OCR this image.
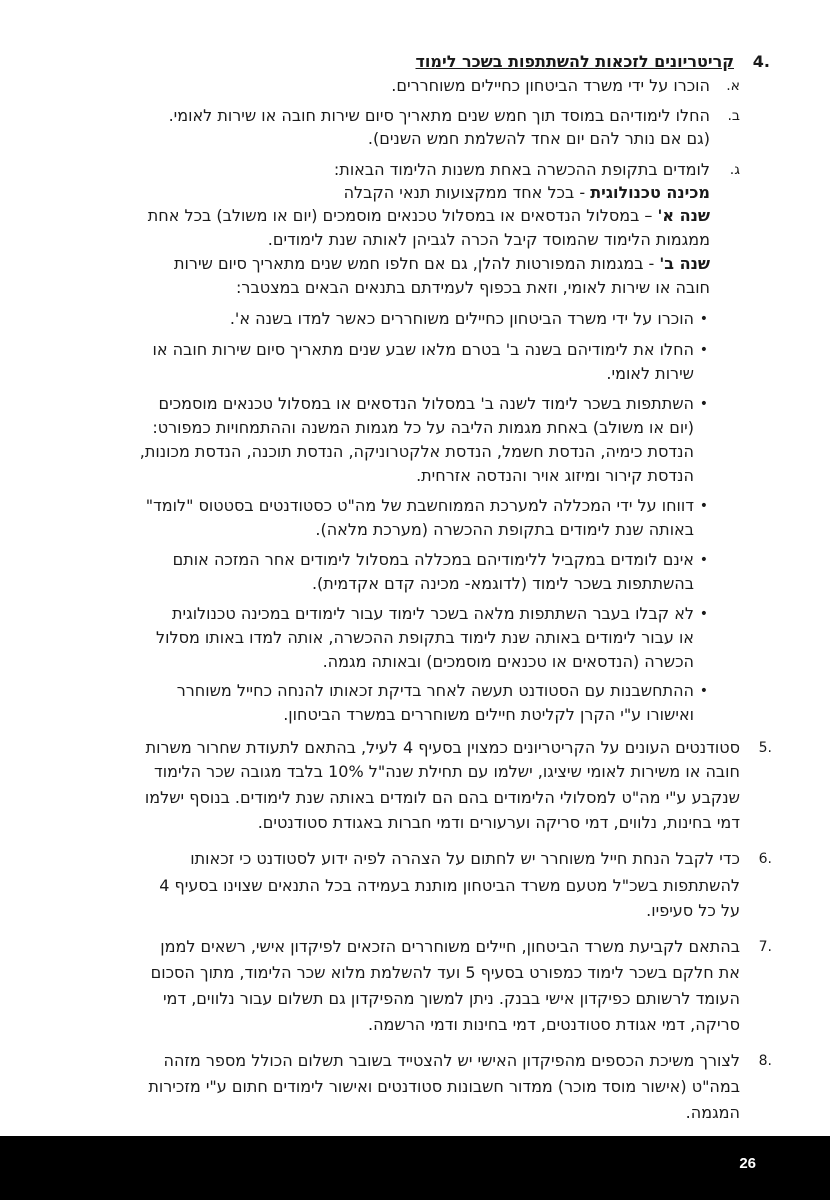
.4
קריטריונים לזכאות להשתתפות בשכר לימוד
א.
הוכרו על ידי משרד הביטחון כחיילים משוחררים.
ב.
החלו לימודיהם במוסד תוך חמש שנים מתאריך סיום שירות חובה או שירות לאומי.
(גם אם נותר להם יום אחד להשלמת חמש השנים).
ג.
לומדים בתקופת ההכשרה באחת משנות הלימוד הבאות:
מכינה טכנולוגית - בכל אחד ממקצועות תנאי הקבלה
שנה א' – במסלול הנדסאים או במסלול טכנאים מוסמכים (יום או משולב) בכל אחת
ממגמות הלימוד שהמוסד קיבל הכרה לגביהן לאותה שנת לימודים.
שנה ב' - במגמות המפורטות להלן, גם אם חלפו חמש שנים מתאריך סיום שירות
חובה או שירות לאומי, וזאת בכפוף לעמידתם בתנאים הבאים במצטבר:
•
הוכרו על ידי משרד הביטחון כחיילים משוחררים כאשר למדו בשנה א'.
•
החלו את לימודיהם בשנה ב' בטרם מלאו שבע שנים מתאריך סיום שירות חובה או
שירות לאומי.
•
השתתפות בשכר לימוד לשנה ב' במסלול הנדסאים או במסלול טכנאים מוסמכים
(יום או משולב) באחת מגמות הליבה על כל מגמות המשנה וההתמחויות כמפורט:
הנדסת כימיה, הנדסת חשמל, הנדסת אלקטרוניקה, הנדסת תוכנה, הנדסת מכונות,
הנדסת קירור ומיזוג אויר והנדסה אזרחית.
•
דווחו על ידי המכללה למערכת הממוחשבת של מה"ט כסטודנטים בסטטוס "לומד"
באותה שנת לימודים בתקופת ההכשרה (מערכת מלאה).
•
אינם לומדים במקביל ללימודיהם במכללה במסלול לימודים אחר המזכה אותם
בהשתתפות בשכר לימוד (לדוגמא- מכינה קדם אקדמית).
•
לא קבלו בעבר השתתפות מלאה בשכר לימוד עבור לימודים במכינה טכנולוגית
או עבור לימודים באותה שנת לימוד בתקופת ההכשרה, אותה למדו באותו מסלול
הכשרה (הנדסאים או טכנאים מוסמכים) ובאותה מגמה.
•
ההתחשבנות עם הסטודנט תעשה לאחר בדיקת זכאותו להנחה כחייל משוחרר
ואישורו ע"י הקרן לקליטת חיילים משוחררים במשרד הביטחון.
.5
סטודנטים העונים על הקריטריונים כמצוין בסעיף 4 לעיל, בהתאם לתעודת שחרור משרות
חובה או משירות לאומי שיציגו, ישלמו עם תחילת שנה"ל 10% בלבד מגובה שכר הלימוד
שנקבע ע"י מה"ט למסלולי הלימודים בהם הם לומדים באותה שנת לימודים. בנוסף ישלמו
דמי בחינות, נלווים, דמי סריקה וערעורים ודמי חברות באגודת סטודנטים.
.6
כדי לקבל הנחת חייל משוחרר יש לחתום על הצהרה לפיה ידוע לסטודנט כי זכאותו
להשתתפות בשכ"ל מטעם משרד הביטחון מותנת בעמידה בכל התנאים שצוינו בסעיף 4
על כל סעיפיו.
.7
בהתאם לקביעת משרד הביטחון, חיילים משוחררים הזכאים לפיקדון אישי, רשאים לממן
את חלקם בשכר לימוד כמפורט בסעיף 5 ועד להשלמת מלוא שכר הלימוד, מתוך הסכום
העומד לרשותם כפיקדון אישי בבנק. ניתן למשוך מהפיקדון גם תשלום עבור נלווים, דמי
סריקה, דמי אגודת סטודנטים, דמי בחינות ודמי הרשמה.
.8
לצורך משיכת הכספים מהפיקדון האישי יש להצטייד בשובר תשלום הכולל מספר מזהה
במה"ט (אישור מוסד מוכר) ממדור חשבונות סטודנטים ואישור לימודים חתום ע"י מזכירות
המגמה.
26
